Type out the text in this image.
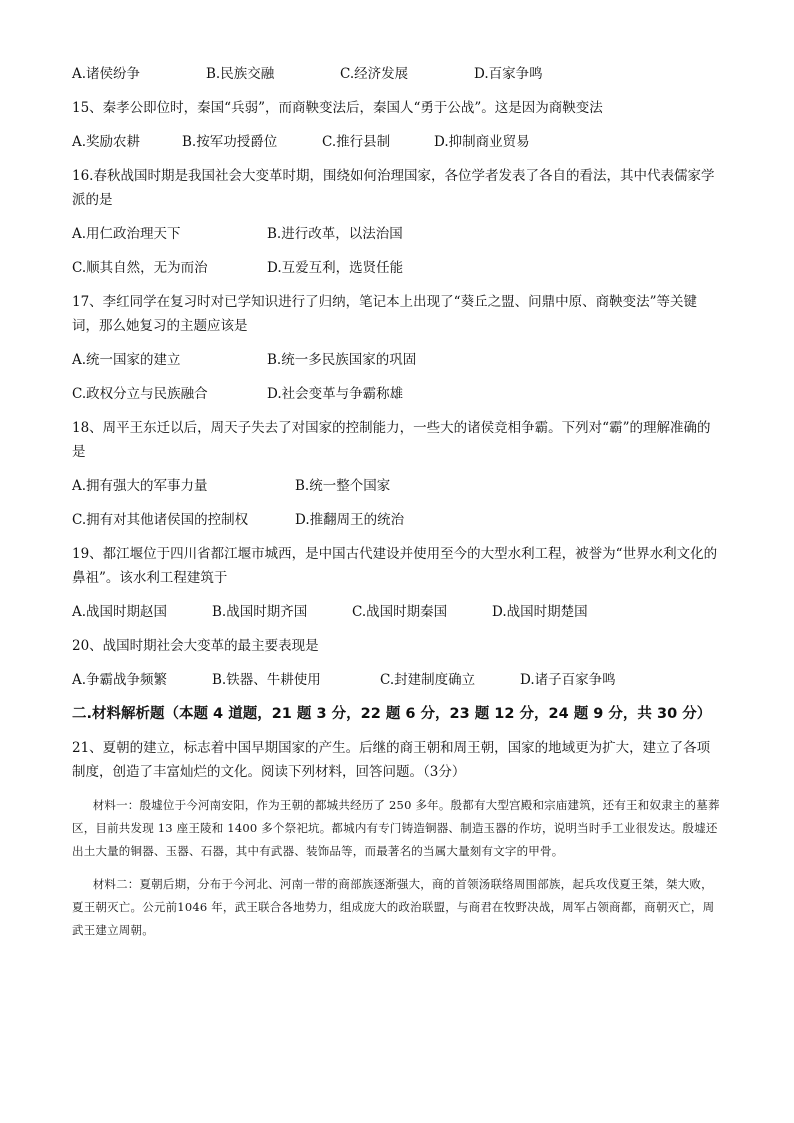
A.诸侯纷争	B.民族交融	C.经济发展	D.百家争鸣
15、秦孝公即位时，秦国“兵弱”，而商鞅变法后，秦国人“勇于公战”。这是因为商鞅变法
A.奖励农耕	B.按军功授爵位	C.推行县制	D.抑制商业贸易
16.春秋战国时期是我国社会大变革时期，围绕如何治理国家，各位学者发表了各自的看法，其中代表儒家学派的是
A.用仁政治理天下	B.进行改革，以法治国
C.顺其自然，无为而治	D.互爱互利，选贤任能
17、李红同学在复习时对已学知识进行了归纳，笔记本上出现了“葵丘之盟、问鼎中原、商鞅变法”等关键词，那么她复习的主题应该是
A.统一国家的建立	B.统一多民族国家的巩固
C.政权分立与民族融合	D.社会变革与争霸称雄
18、周平王东迁以后，周天子失去了对国家的控制能力，一些大的诸侯竞相争霸。下列对“霸”的理解准确的是
A.拥有强大的军事力量	B.统一整个国家
C.拥有对其他诸侯国的控制权	D.推翻周王的统治
19、都江堰位于四川省都江堰市城西，是中国古代建设并使用至今的大型水利工程，被誉为“世界水利文化的鼻祖”。该水利工程建筑于
A.战国时期赵国	B.战国时期齐国	C.战国时期秦国	D.战国时期楚国
20、战国时期社会大变革的最主要表现是
A.争霸战争频繁	B.铁器、牛耕使用	C.封建制度确立	D.诸子百家争鸣
二.材料解析题（本题 4 道题，21 题 3 分，22 题 6 分，23 题 12 分，24 题 9 分，共 30 分）
21、夏朝的建立，标志着中国早期国家的产生。后继的商王朝和周王朝，国家的地域更为扩大，建立了各项制度，创造了丰富灿烂的文化。阅读下列材料，回答问题。（3分）
材料一：殷墟位于今河南安阳，作为王朝的都城共经历了 250 多年。殷都有大型宫殿和宗庙建筑，还有王和奴隶主的墓葬区，目前共发现 13 座王陵和 1400 多个祭祀坑。都城内有专门铸造铜器、制造玉器的作坊，说明当时手工业很发达。殷墟还出土大量的铜器、玉器、石器，其中有武器、装饰品等，而最著名的当属大量刻有文字的甲骨。
材料二：夏朝后期，分布于今河北、河南一带的商部族逐渐强大，商的首领汤联络周围部族，起兵攻伐夏王桀，桀大败，夏王朝灭亡。公元前1046 年，武王联合各地势力，组成庞大的政治联盟，与商君在牧野决战，周军占领商都，商朝灭亡，周武王建立周朝。
